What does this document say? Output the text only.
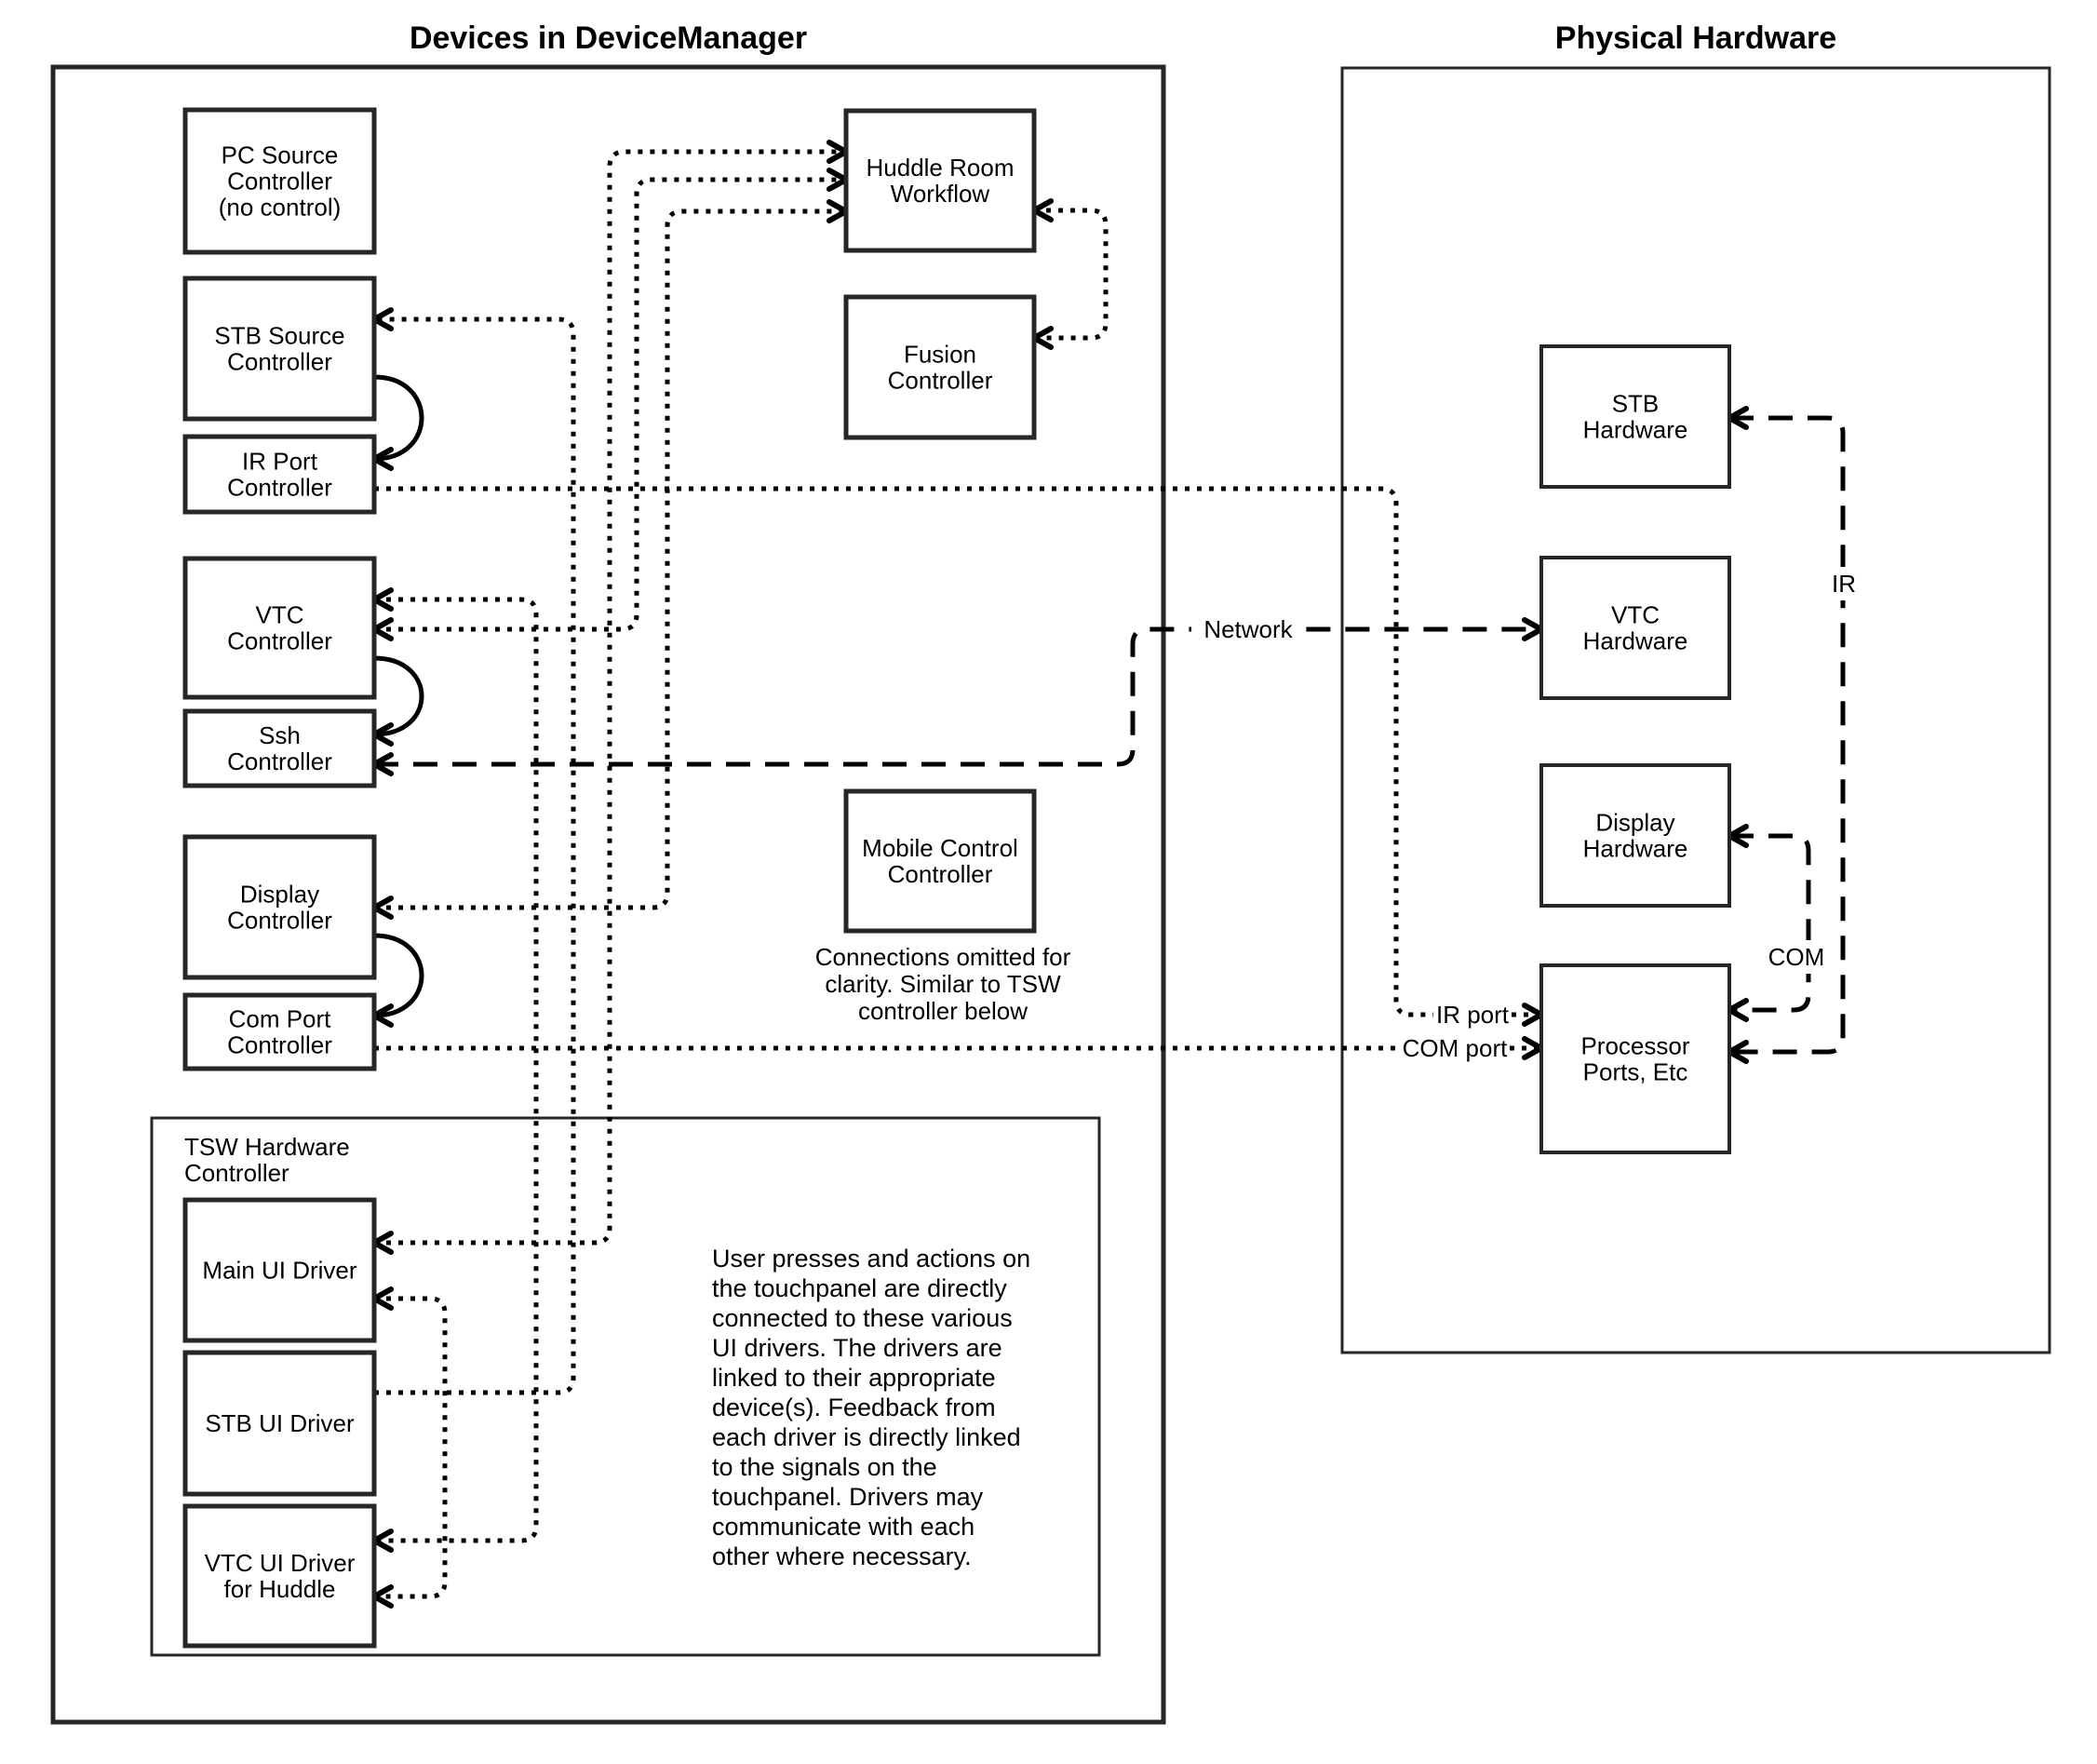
Devices in DeviceManager	Physical Hardware
PC Source Controller (no control)
STB Source Controller
IR Port Controller
VTC Controller
Ssh Controller
Display Controller
Com Port Controller
Main UI Driver
STB UI Driver
VTC UI Driver for Huddle
Huddle Room Workflow
Fusion Controller
Mobile Control Controller
STB Hardware
VTC Hardware
Display Hardware
Processor Ports, Etc
Network
IR
COM
IR port
COM port
TSW Hardware Controller
Connections omitted for clarity. Similar to TSW controller below
User presses and actions on the touchpanel are directly connected to these various UI drivers. The drivers are linked to their appropriate device(s). Feedback from each driver is directly linked to the signals on the touchpanel. Drivers may communicate with each other where necessary.
